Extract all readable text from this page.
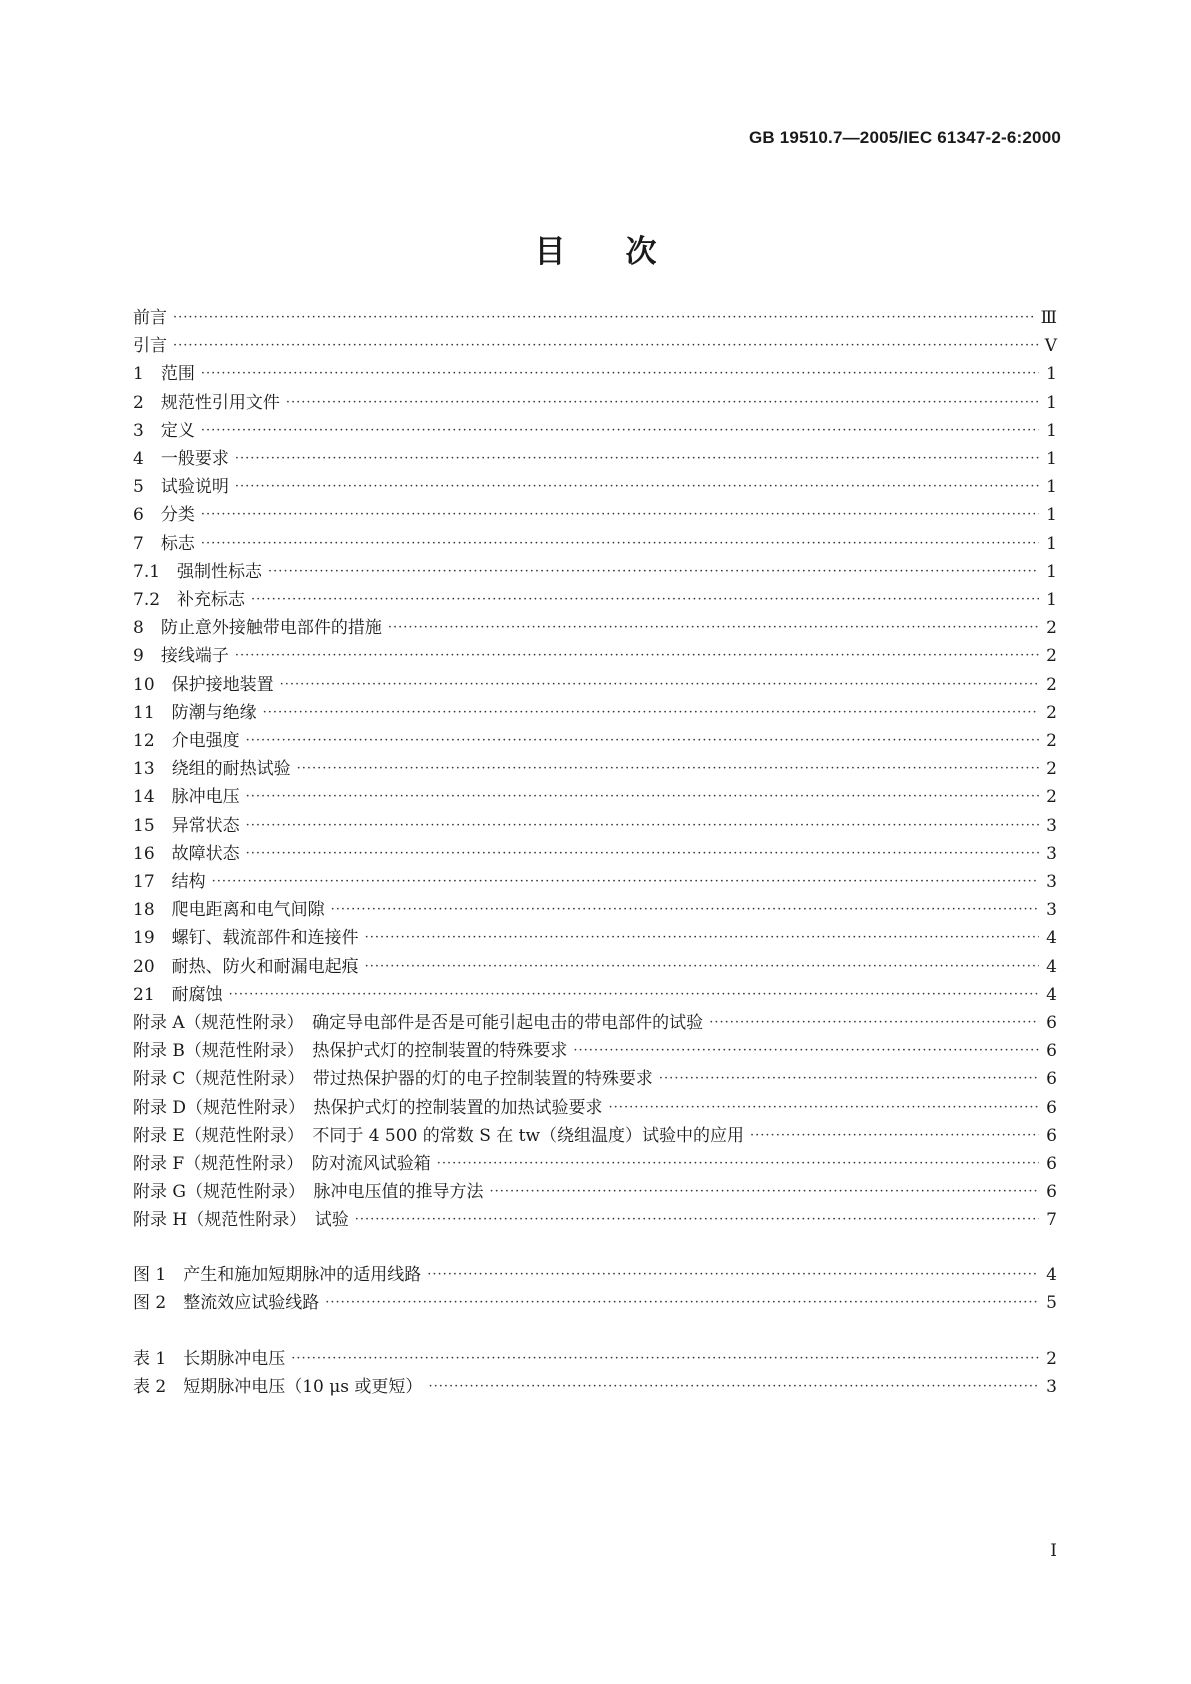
GB 19510.7—2005/IEC 61347-2-6:2000
目次
前言 ·····	Ⅲ
引言 ·····	Ⅴ
1　范围 ·····	1
2　规范性引用文件 ·····	1
3　定义 ·····	1
4　一般要求 ·····	1
5　试验说明 ·····	1
6　分类 ·····	1
7　标志 ·····	1
7.1　强制性标志 ·····	1
7.2　补充标志 ·····	1
8　防止意外接触带电部件的措施 ·····	2
9　接线端子 ·····	2
10　保护接地装置 ·····	2
11　防潮与绝缘 ·····	2
12　介电强度 ·····	2
13　绕组的耐热试验 ·····	2
14　脉冲电压 ·····	2
15　异常状态 ·····	3
16　故障状态 ·····	3
17　结构 ·····	3
18　爬电距离和电气间隙 ·····	3
19　螺钉、载流部件和连接件 ·····	4
20　耐热、防火和耐漏电起痕 ·····	4
21　耐腐蚀 ·····	4
附录 A（规范性附录）　确定导电部件是否是可能引起电击的带电部件的试验 ·····	6
附录 B（规范性附录）　热保护式灯的控制装置的特殊要求 ·····	6
附录 C（规范性附录）　带过热保护器的灯的电子控制装置的特殊要求 ·····	6
附录 D（规范性附录）　热保护式灯的控制装置的加热试验要求 ·····	6
附录 E（规范性附录）　不同于 4 500 的常数 S 在 tw（绕组温度）试验中的应用 ·····	6
附录 F（规范性附录）　防对流风试验箱 ·····	6
附录 G（规范性附录）　脉冲电压值的推导方法 ·····	6
附录 H（规范性附录）　试验 ·····	7
图 1　产生和施加短期脉冲的适用线路 ·····	4
图 2　整流效应试验线路 ·····	5
表 1　长期脉冲电压 ·····	2
表 2　短期脉冲电压（10 μs 或更短） ·····	3
I
